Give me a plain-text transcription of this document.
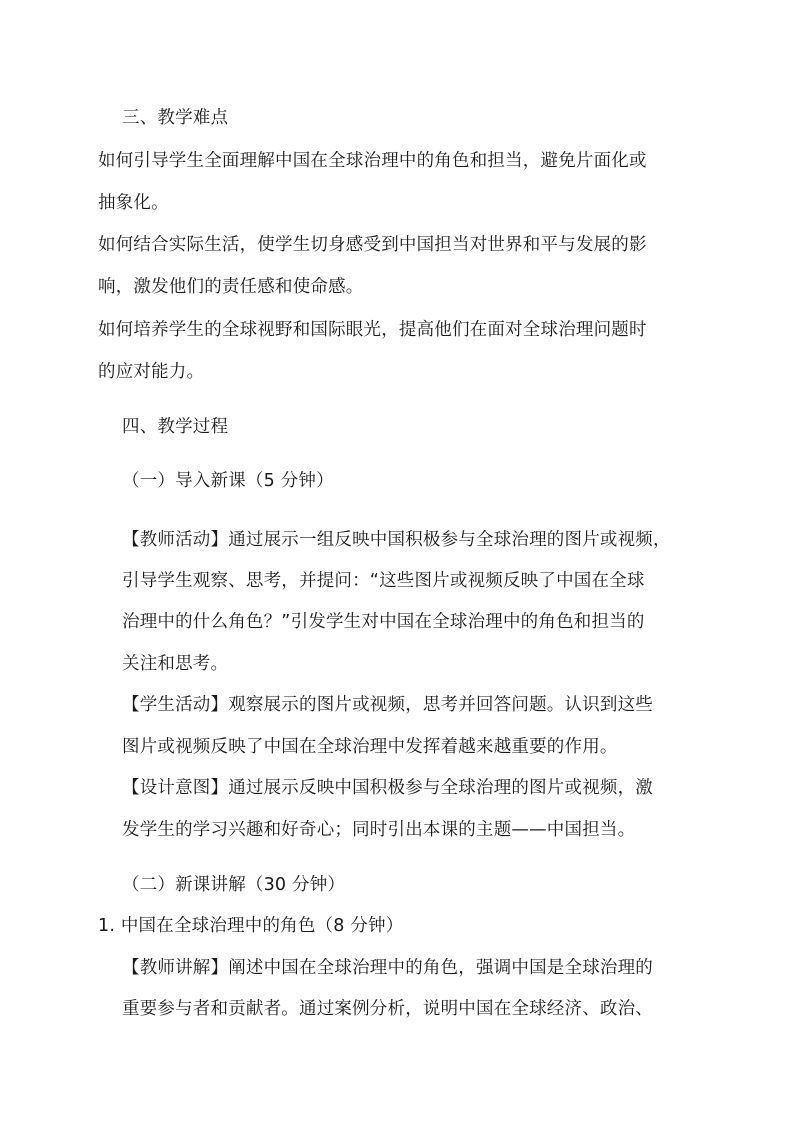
三、教学难点
如何引导学生全面理解中国在全球治理中的角色和担当，避免片面化或
抽象化。
如何结合实际生活，使学生切身感受到中国担当对世界和平与发展的影
响，激发他们的责任感和使命感。
如何培养学生的全球视野和国际眼光，提高他们在面对全球治理问题时
的应对能力。
四、教学过程
（一）导入新课（5 分钟）
【教师活动】通过展示一组反映中国积极参与全球治理的图片或视频，
引导学生观察、思考，并提问：“这些图片或视频反映了中国在全球
治理中的什么角色？”引发学生对中国在全球治理中的角色和担当的
关注和思考。
【学生活动】观察展示的图片或视频，思考并回答问题。认识到这些
图片或视频反映了中国在全球治理中发挥着越来越重要的作用。
【设计意图】通过展示反映中国积极参与全球治理的图片或视频，激
发学生的学习兴趣和好奇心；同时引出本课的主题——中国担当。
（二）新课讲解（30 分钟）
1. 中国在全球治理中的角色（8 分钟）
【教师讲解】阐述中国在全球治理中的角色，强调中国是全球治理的
重要参与者和贡献者。通过案例分析，说明中国在全球经济、政治、
